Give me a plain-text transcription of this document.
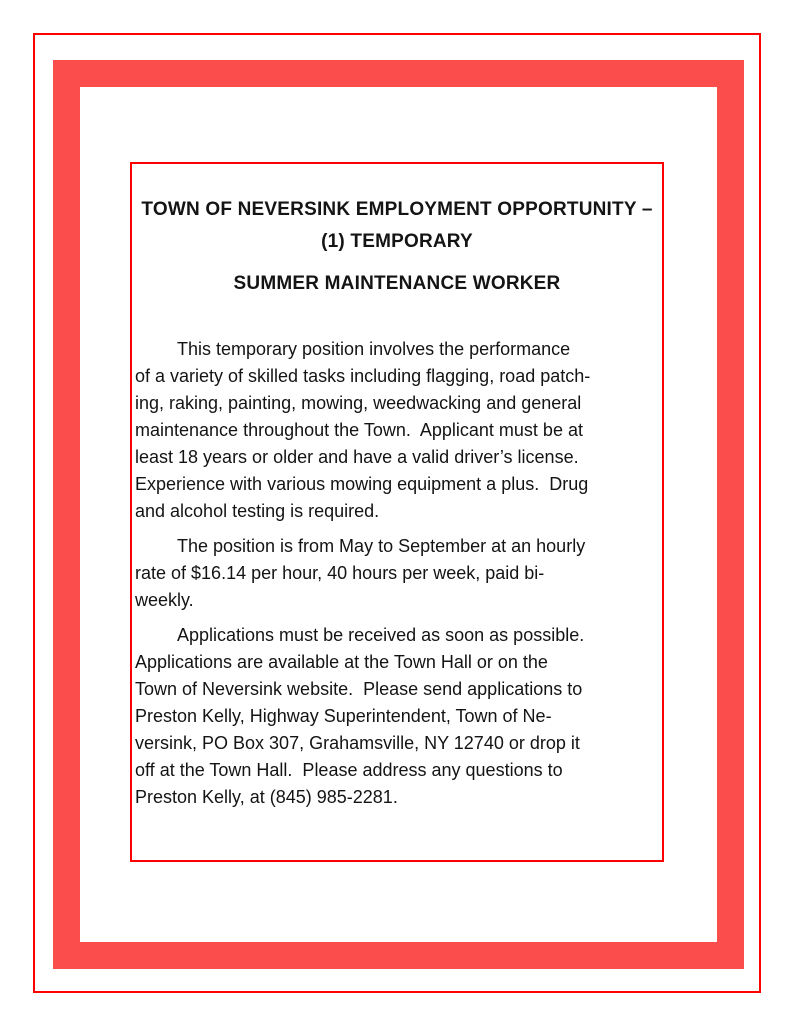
TOWN OF NEVERSINK EMPLOYMENT OPPORTUNITY –
(1) TEMPORARY
SUMMER MAINTENANCE WORKER
This temporary position involves the performance
of a variety of skilled tasks including flagging, road patch-
ing, raking, painting, mowing, weedwacking and general
maintenance throughout the Town.  Applicant must be at
least 18 years or older and have a valid driver’s license.
Experience with various mowing equipment a plus.  Drug
and alcohol testing is required.
The position is from May to September at an hourly
rate of $16.14 per hour, 40 hours per week, paid bi-
weekly.
Applications must be received as soon as possible.
Applications are available at the Town Hall or on the
Town of Neversink website.  Please send applications to
Preston Kelly, Highway Superintendent, Town of Ne-
versink, PO Box 307, Grahamsville, NY 12740 or drop it
off at the Town Hall.  Please address any questions to
Preston Kelly, at (845) 985-2281.
